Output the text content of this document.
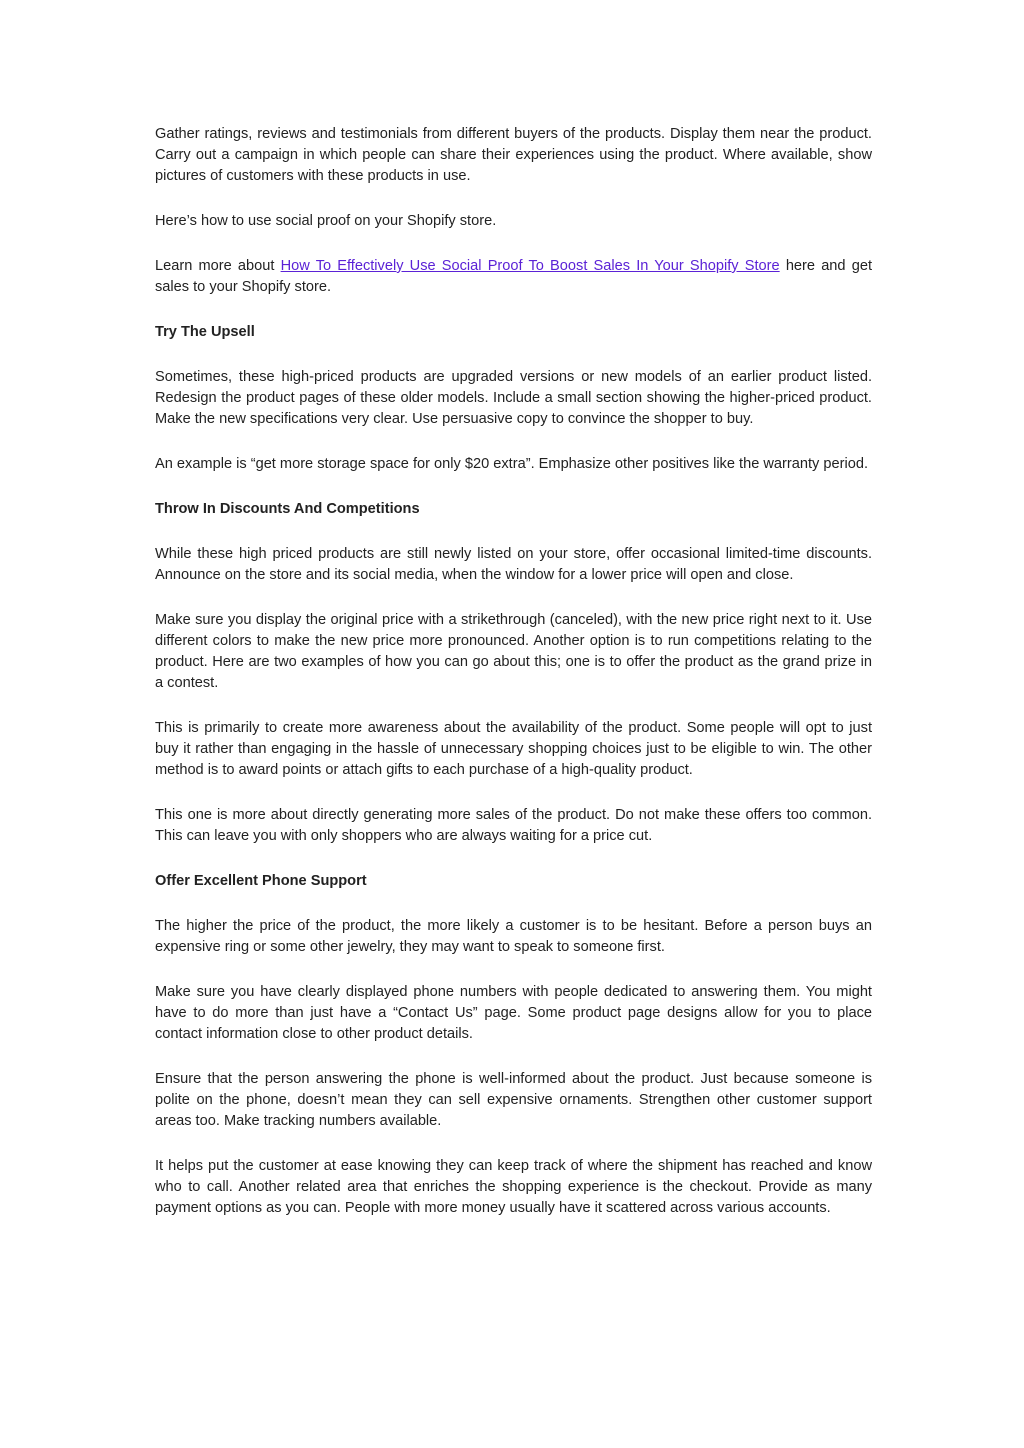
Gather ratings, reviews and testimonials from different buyers of the products. Display them near the product. Carry out a campaign in which people can share their experiences using the product. Where available, show pictures of customers with these products in use.

Here’s how to use social proof on your Shopify store.

Learn more about How To Effectively Use Social Proof To Boost Sales In Your Shopify Store here and get sales to your Shopify store.

Try The Upsell

Sometimes, these high-priced products are upgraded versions or new models of an earlier product listed. Redesign the product pages of these older models. Include a small section showing the higher-priced product. Make the new specifications very clear. Use persuasive copy to convince the shopper to buy.

An example is “get more storage space for only $20 extra”. Emphasize other positives like the warranty period.

Throw In Discounts And Competitions

While these high priced products are still newly listed on your store, offer occasional limited-time discounts. Announce on the store and its social media, when the window for a lower price will open and close.

Make sure you display the original price with a strikethrough (canceled), with the new price right next to it. Use different colors to make the new price more pronounced. Another option is to run competitions relating to the product. Here are two examples of how you can go about this; one is to offer the product as the grand prize in a contest.

This is primarily to create more awareness about the availability of the product. Some people will opt to just buy it rather than engaging in the hassle of unnecessary shopping choices just to be eligible to win. The other method is to award points or attach gifts to each purchase of a high-quality product.

This one is more about directly generating more sales of the product. Do not make these offers too common. This can leave you with only shoppers who are always waiting for a price cut.

Offer Excellent Phone Support

The higher the price of the product, the more likely a customer is to be hesitant. Before a person buys an expensive ring or some other jewelry, they may want to speak to someone first.

Make sure you have clearly displayed phone numbers with people dedicated to answering them. You might have to do more than just have a “Contact Us” page. Some product page designs allow for you to place contact information close to other product details.

Ensure that the person answering the phone is well-informed about the product. Just because someone is polite on the phone, doesn’t mean they can sell expensive ornaments. Strengthen other customer support areas too. Make tracking numbers available.

It helps put the customer at ease knowing they can keep track of where the shipment has reached and know who to call. Another related area that enriches the shopping experience is the checkout. Provide as many payment options as you can. People with more money usually have it scattered across various accounts.
